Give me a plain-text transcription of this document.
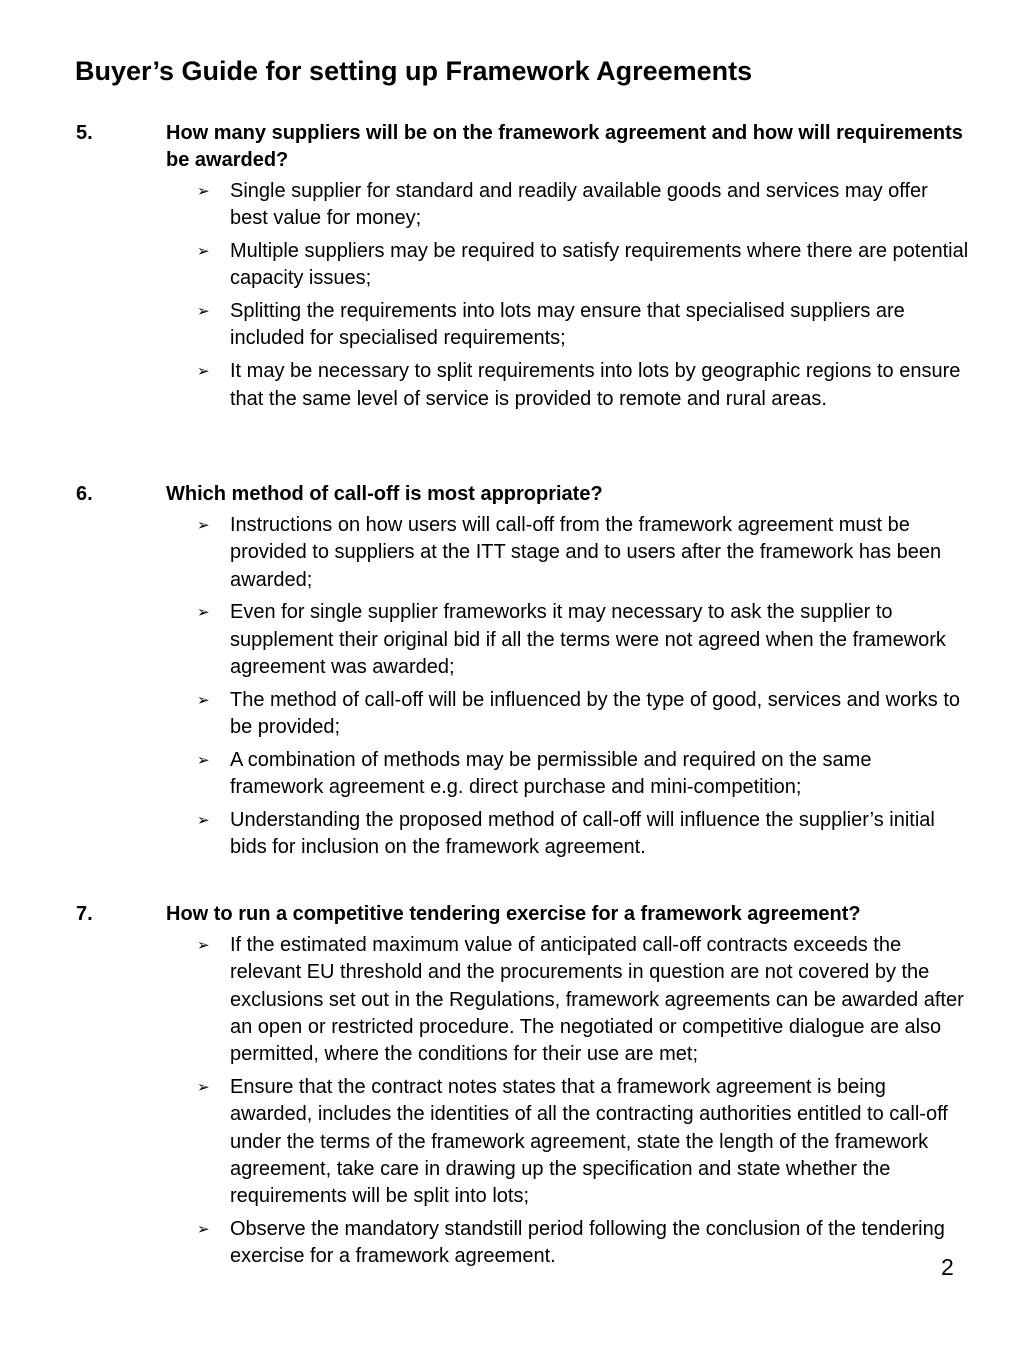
Buyer’s Guide for setting up Framework Agreements
5.	How many suppliers will be on the framework agreement and how will requirements be awarded?
➢ Single supplier for standard and readily available goods and services may offer best value for money;
➢ Multiple suppliers may be required to satisfy requirements where there are potential capacity issues;
➢ Splitting the requirements into lots may ensure that specialised suppliers are included for specialised requirements;
➢ It may be necessary to split requirements into lots by geographic regions to ensure that the same level of service is provided to remote and rural areas.
6.	Which method of call-off is most appropriate?
➢ Instructions on how users will call-off from the framework agreement must be provided to suppliers at the ITT stage and to users after the framework has been awarded;
➢ Even for single supplier frameworks it may necessary to ask the supplier to supplement their original bid if all the terms were not agreed when the framework agreement was awarded;
➢ The method of call-off will be influenced by the type of good, services and works to be provided;
➢ A combination of methods may be permissible and required on the same framework agreement e.g. direct purchase and mini-competition;
➢ Understanding the proposed method of call-off will influence the supplier’s initial bids for inclusion on the framework agreement.
7.	How to run a competitive tendering exercise for a framework agreement?
➢ If the estimated maximum value of anticipated call-off contracts exceeds the relevant EU threshold and the procurements in question are not covered by the exclusions set out in the Regulations, framework agreements can be awarded after an open or restricted procedure. The negotiated or competitive dialogue are also permitted, where the conditions for their use are met;
➢ Ensure that the contract notes states that a framework agreement is being awarded, includes the identities of all the contracting authorities entitled to call-off under the terms of the framework agreement, state the length of the framework agreement, take care in drawing up the specification and state whether the requirements will be split into lots;
➢ Observe the mandatory standstill period following the conclusion of the tendering exercise for a framework agreement.	2
